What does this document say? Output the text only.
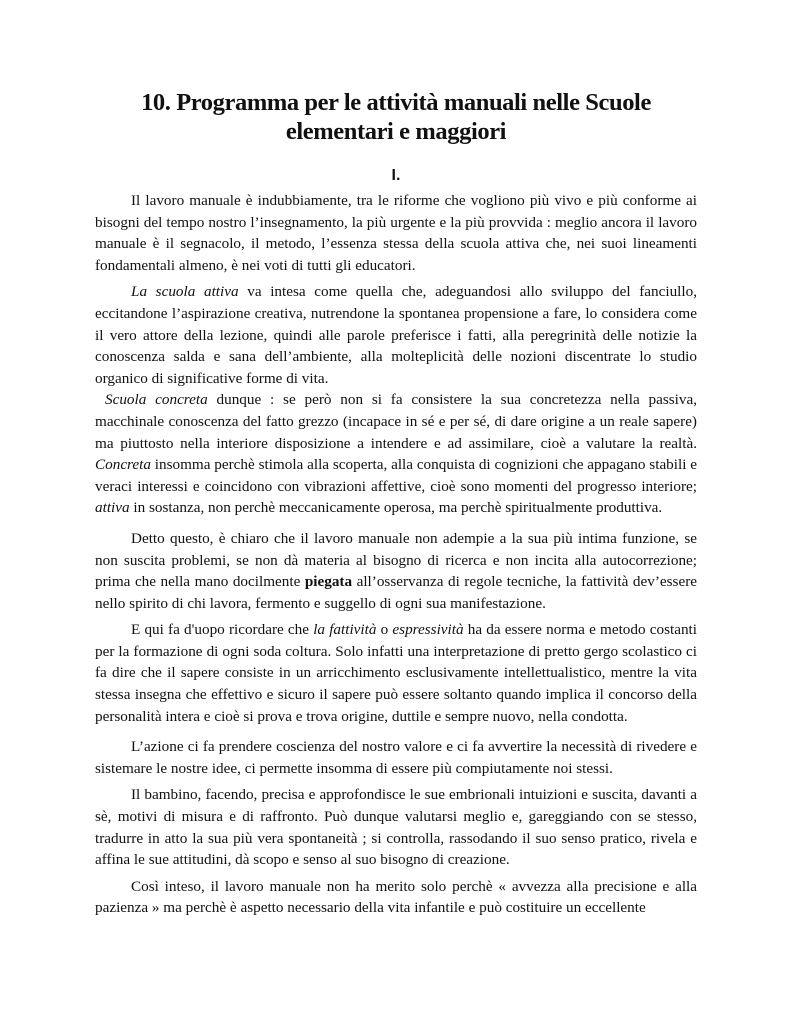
10. Programma per le attività manuali nelle Scuole
elementari e maggiori
I.

Il lavoro manuale è indubbiamente, tra le riforme che vogliono più vivo e più conforme ai bisogni del tempo nostro l’insegnamento, la più urgente e la più provvida : meglio ancora il lavoro manuale è il segnacolo, il metodo, l’essenza stessa della scuola attiva che, nei suoi lineamenti fondamentali almeno, è nei voti di tutti gli educatori.

La scuola attiva va intesa come quella che, adeguandosi allo sviluppo del fanciullo, eccitandone l’aspirazione creativa, nutrendone la spontanea propensione a fare, lo considera come il vero attore della lezione, quindi alle parole preferisce i fatti, alla peregrinità delle notizie la conoscenza salda e sana dell’ambiente, alla molteplicità delle nozioni discentrate lo studio organico di significative forme di vita.

Scuola concreta dunque : se però non si fa consistere la sua concretezza nella passiva, macchinale conoscenza del fatto grezzo (incapace in sé e per sé, di dare origine a un reale sapere) ma piuttosto nella interiore disposizione a intendere e ad assimilare, cioè a valutare la realtà. Concreta insomma perchè stimola alla scoperta, alla conquista di cognizioni che appagano stabili e veraci interessi e coincidono con vibrazioni affettive, cioè sono momenti del progresso interiore; attiva in sostanza, non perchè meccanicamente operosa, ma perchè spiritualmente produttiva.

Detto questo, è chiaro che il lavoro manuale non adempie a la sua più intima funzione, se non suscita problemi, se non dà materia al bisogno di ricerca e non incita alla autocorrezione; prima che nella mano docilmente piegata all’osservanza di regole tecniche, la fattività dev’essere nello spirito di chi lavora, fermento e suggello di ogni sua manifestazione.

E qui fa d'uopo ricordare che la fattività o espressività ha da essere norma e metodo costanti per la formazione di ogni soda coltura. Solo infatti una interpretazione di pretto gergo scolastico ci fa dire che il sapere consiste in un arricchimento esclusivamente intellettualistico, mentre la vita stessa insegna che effettivo e sicuro il sapere può essere soltanto quando implica il concorso della personalità intera e cioè si prova e trova origine, duttile e sempre nuovo, nella condotta.

L’azione ci fa prendere coscienza del nostro valore e ci fa avvertire la necessità di rivedere e sistemare le nostre idee, ci permette insomma di essere più compiutamente noi stessi.

Il bambino, facendo, precisa e approfondisce le sue embrionali intuizioni e suscita, davanti a sè, motivi di misura e di raffronto. Può dunque valutarsi meglio e, gareggiando con se stesso, tradurre in atto la sua più vera spontaneità ; si controlla, rassodando il suo senso pratico, rivela e affina le sue attitudini, dà scopo e senso al suo bisogno di creazione.

Così inteso, il lavoro manuale non ha merito solo perchè « avvezza alla precisione e alla pazienza » ma perchè è aspetto necessario della vita infantile e può costituire un eccellente
